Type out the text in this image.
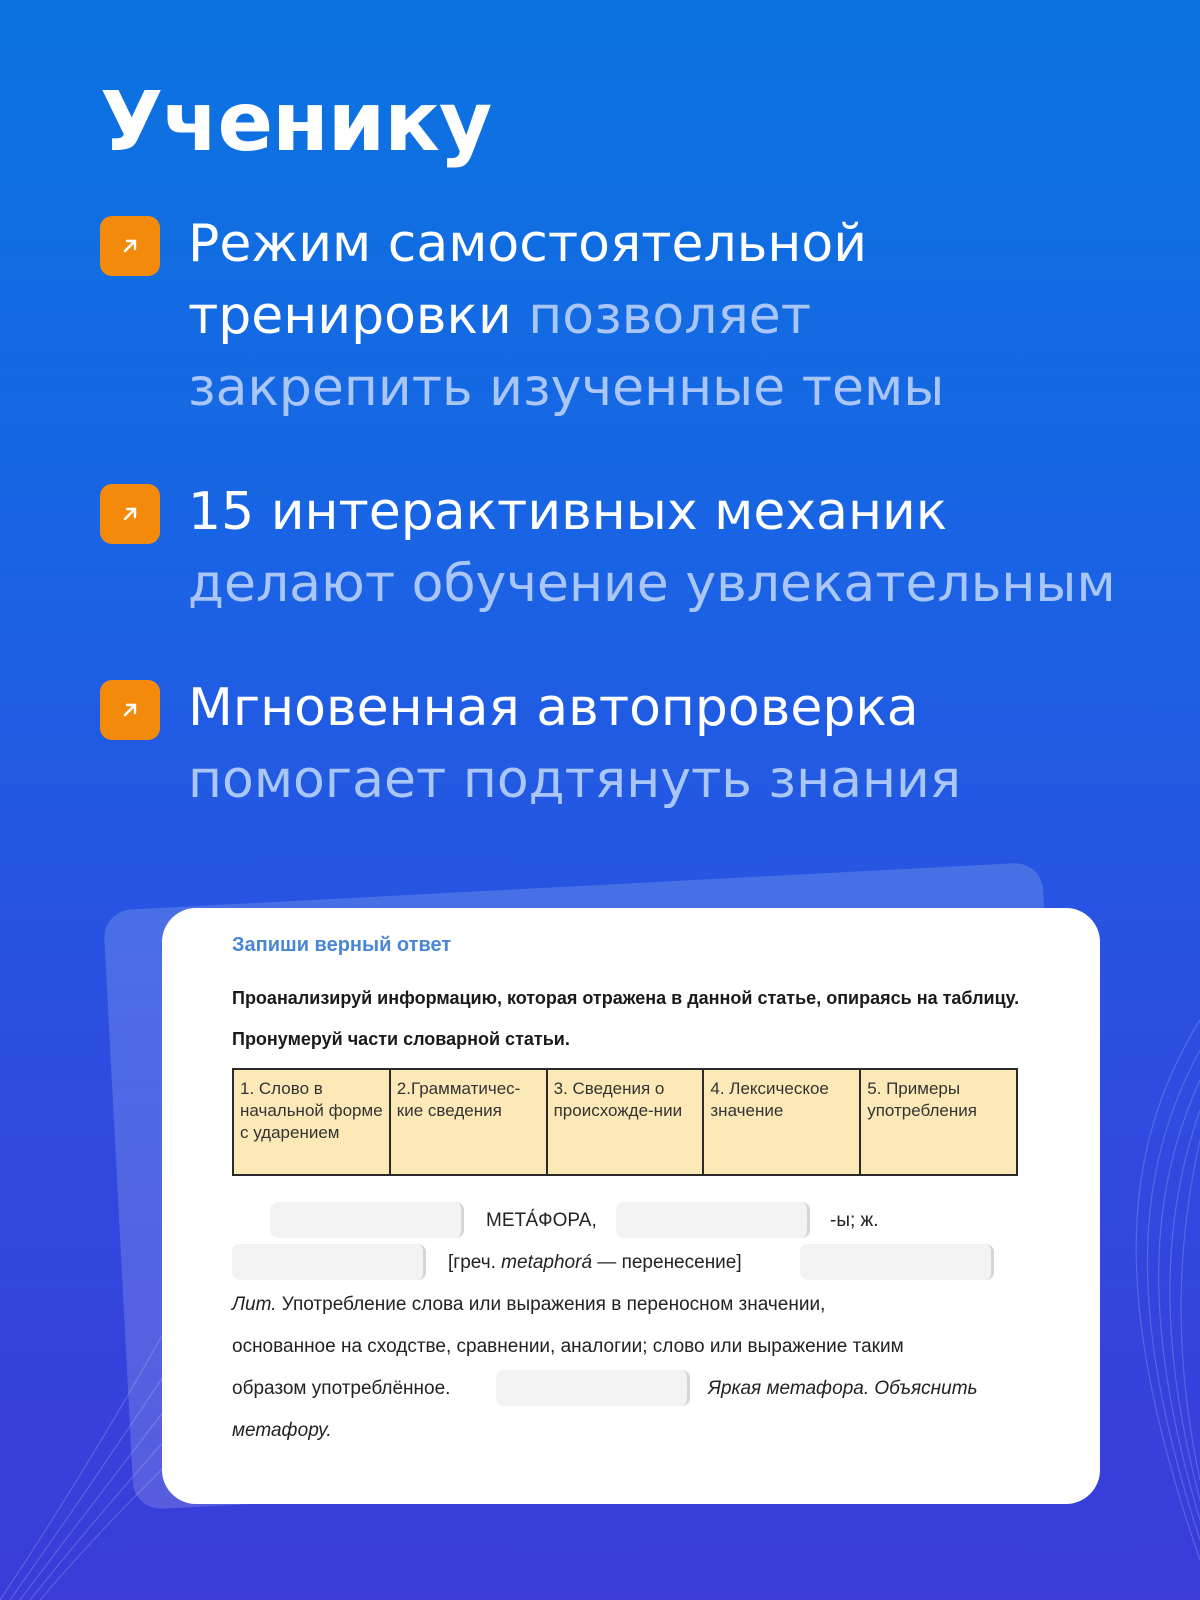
Ученику
Режим самостоятельной
тренировки позволяет
закрепить изученные темы
15 интерактивных механик
делают обучение увлекательным
Мгновенная автопроверка
помогает подтянуть знания
Запиши верный ответ
Проанализируй информацию, которая отражена в данной статье, опираясь на таблицу. Пронумеруй части словарной статьи.
1. Слово в начальной форме с ударением	2.Грамматичес-кие сведения	3. Сведения о происхожде-нии	4. Лексическое значение	5. Примеры употребления
МЕТА́ФОРА,	-ы; ж.
[греч. metaphorá — перенесение]
Лит. Употребление слова или выражения в переносном значении,
основанное на сходстве, сравнении, аналогии; слово или выражение таким
образом употреблённое.	Яркая метафора. Объяснить
метафору.
